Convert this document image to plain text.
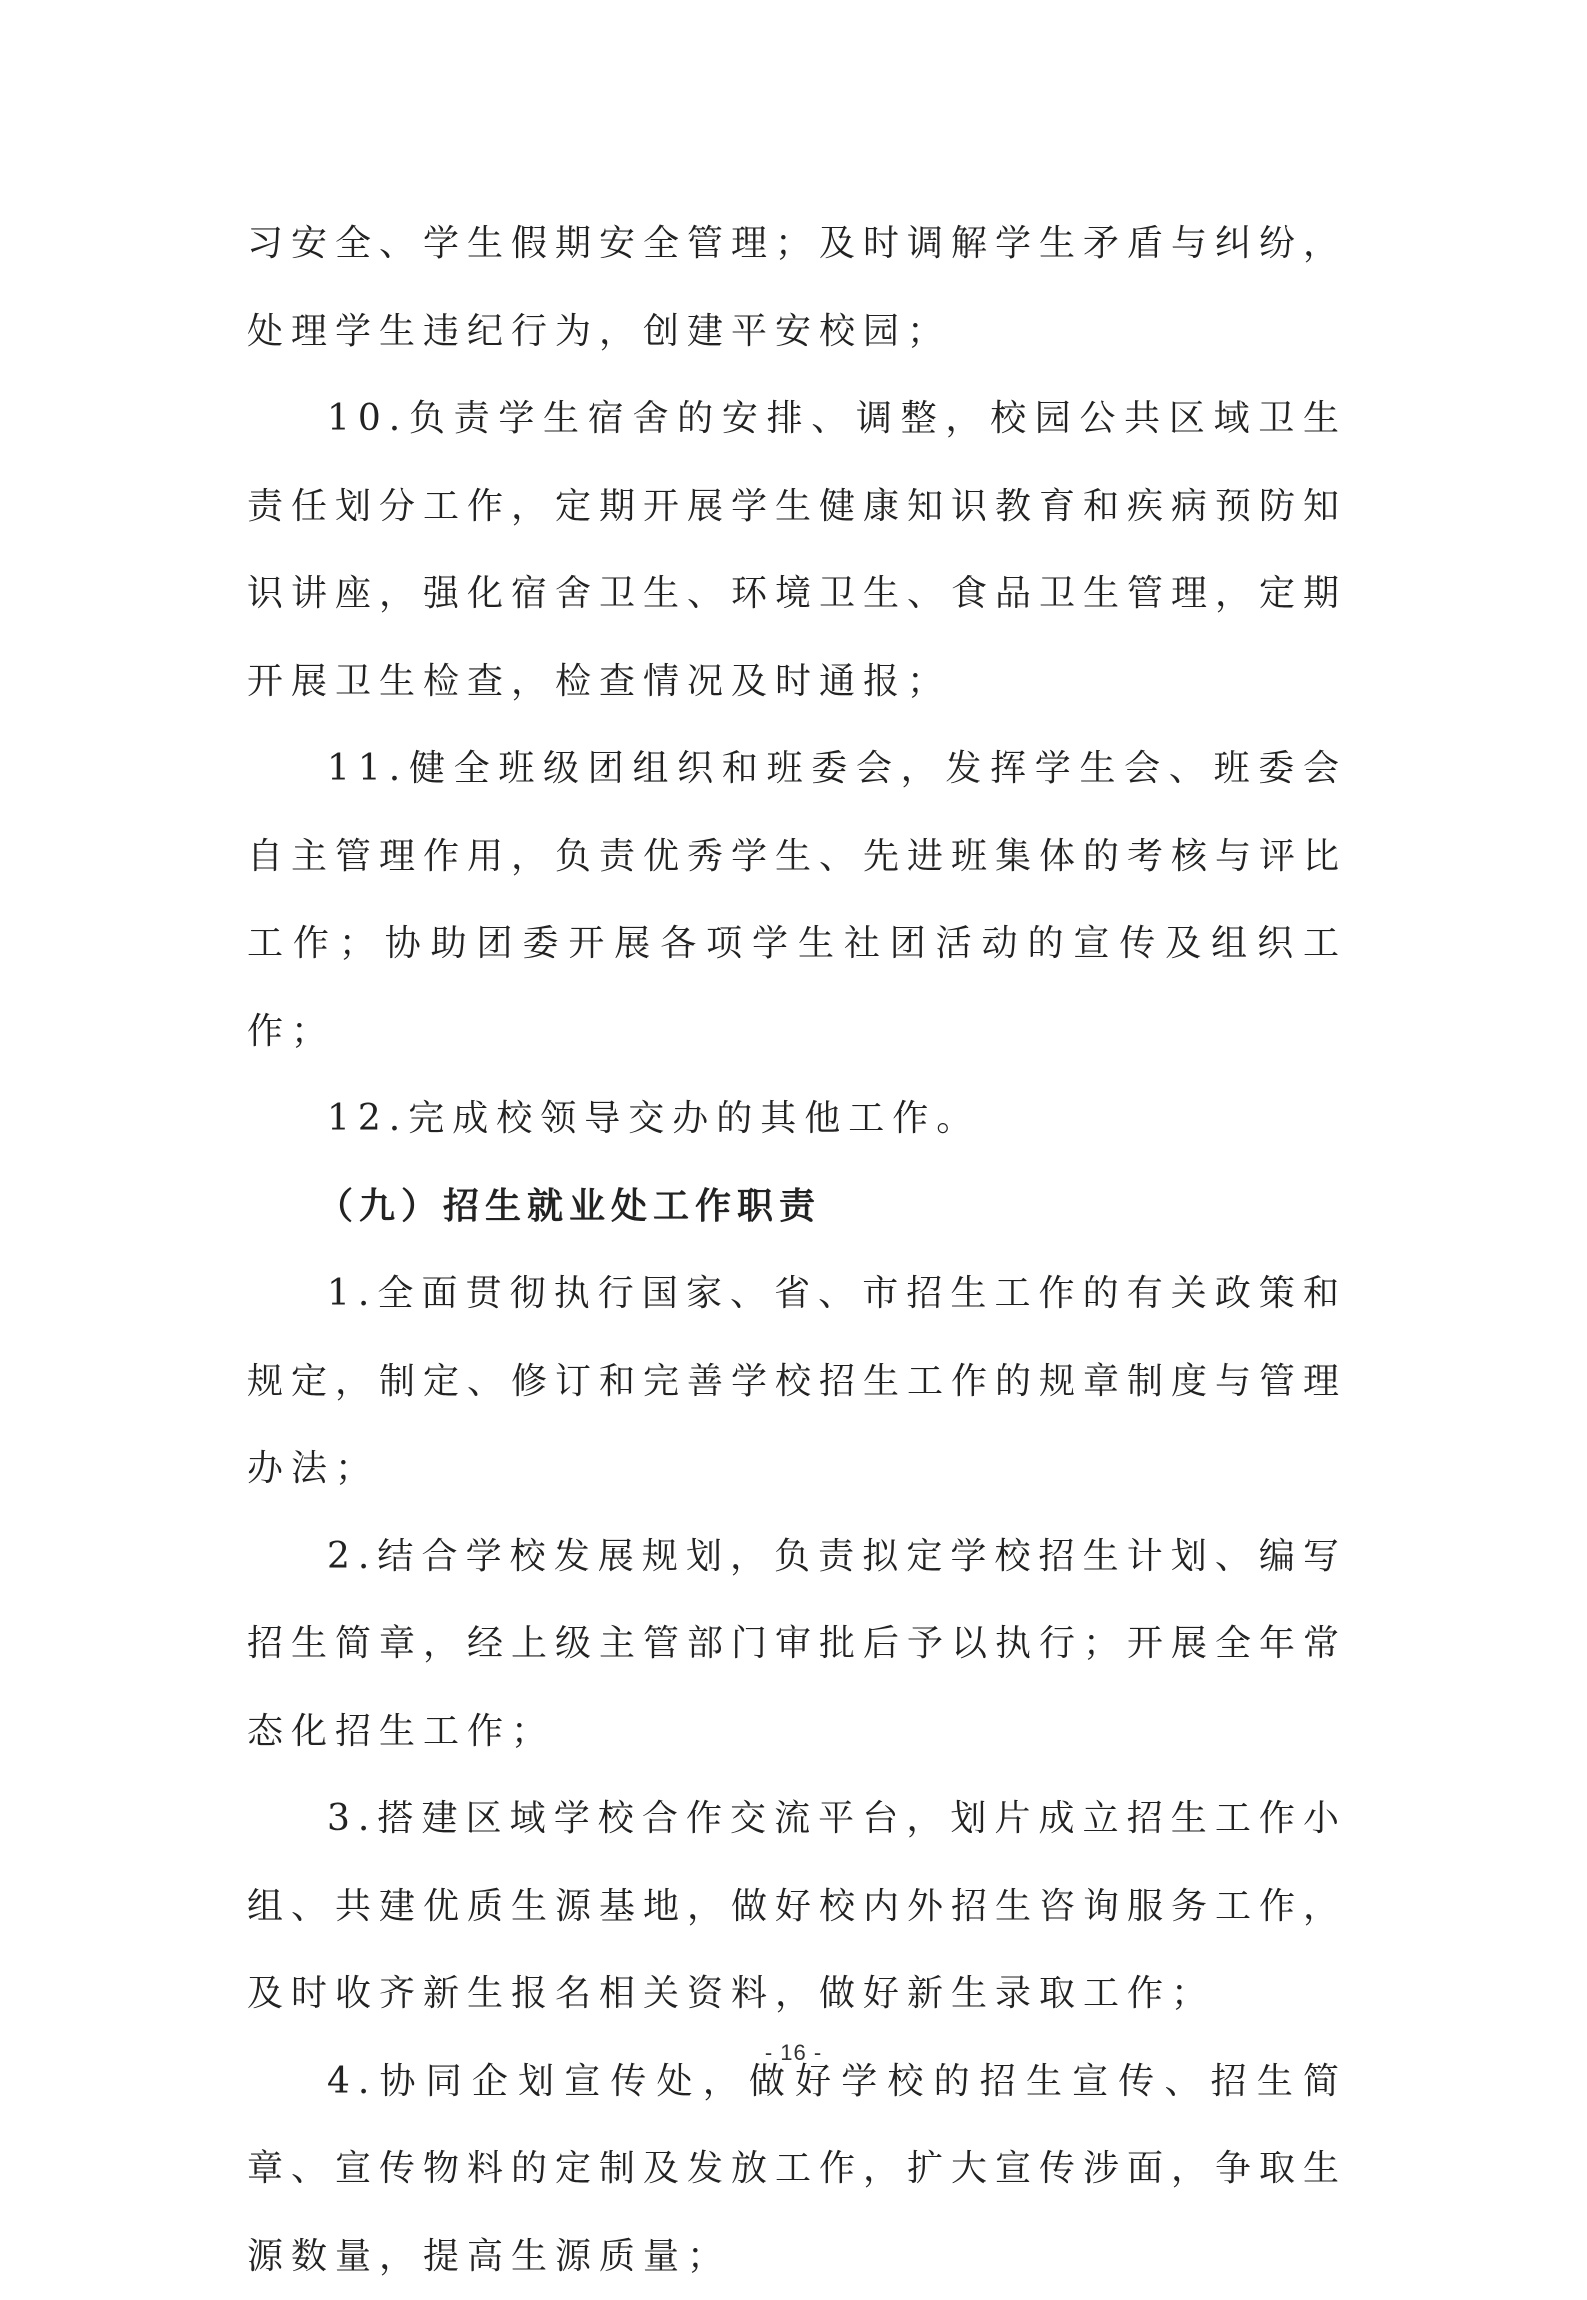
习安全、学生假期安全管理；及时调解学生矛盾与纠纷，处理学生违纪行为，创建平安校园；

10.负责学生宿舍的安排、调整，校园公共区域卫生责任划分工作，定期开展学生健康知识教育和疾病预防知识讲座，强化宿舍卫生、环境卫生、食品卫生管理，定期开展卫生检查，检查情况及时通报；

11.健全班级团组织和班委会，发挥学生会、班委会自主管理作用，负责优秀学生、先进班集体的考核与评比工作；协助团委开展各项学生社团活动的宣传及组织工作；

12.完成校领导交办的其他工作。

（九）招生就业处工作职责

1.全面贯彻执行国家、省、市招生工作的有关政策和规定，制定、修订和完善学校招生工作的规章制度与管理办法；

2.结合学校发展规划，负责拟定学校招生计划、编写招生简章，经上级主管部门审批后予以执行；开展全年常态化招生工作；

3.搭建区域学校合作交流平台，划片成立招生工作小组、共建优质生源基地，做好校内外招生咨询服务工作，及时收齐新生报名相关资料，做好新生录取工作；

4.协同企划宣传处，做好学校的招生宣传、招生简章、宣传物料的定制及发放工作，扩大宣传涉面，争取生源数量，提高生源质量；

- 16 -
